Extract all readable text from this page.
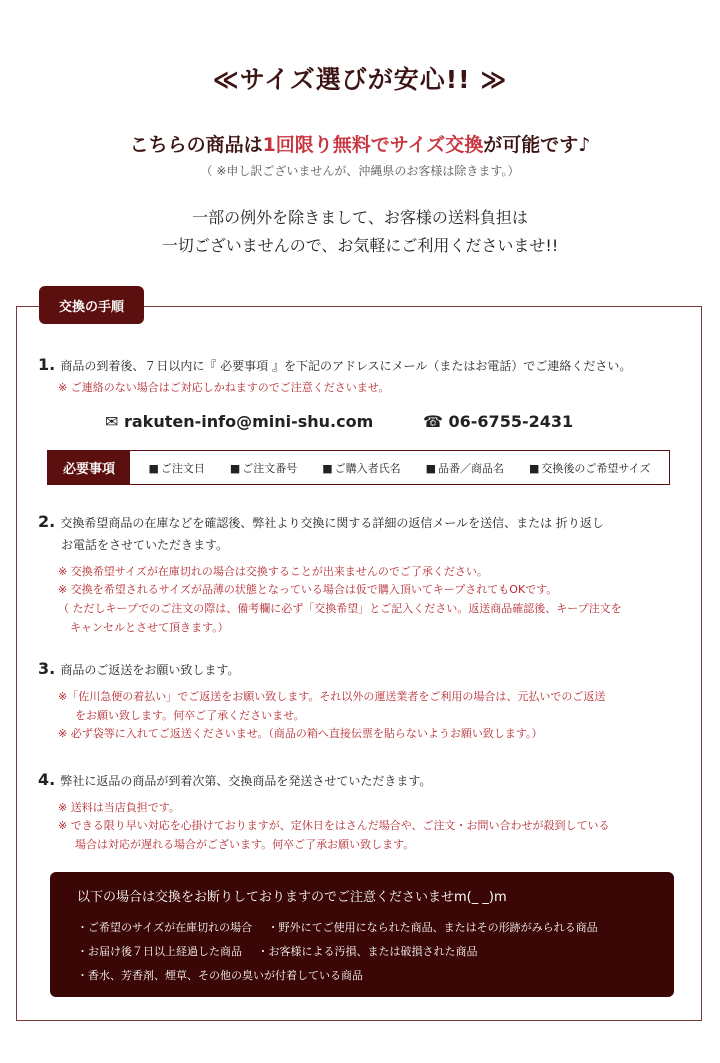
≪サイズ選びが安心!! ≫
こちらの商品は1回限り無料でサイズ交換が可能です♪
（ ※申し訳ございませんが、沖縄県のお客様は除きます。）
一部の例外を除きまして、お客様の送料負担は
一切ございませんので、お気軽にご利用くださいませ!!
交換の手順
1. 商品の到着後、７日以内に『 必要事項 』を下記のアドレスにメール（またはお電話）でご連絡ください。
※ ご連絡のない場合はご対応しかねますのでご注意くださいませ。
✉ rakuten-info@mini-shu.com	☎ 06-6755-2431
必要事項	■ ご注文日	■ ご注文番号	■ ご購入者氏名	■ 品番／商品名	■ 交換後のご希望サイズ
2. 交換希望商品の在庫などを確認後、弊社より交換に関する詳細の返信メールを送信、または 折り返し
お電話をさせていただきます。
※ 交換希望サイズが在庫切れの場合は交換することが出来ませんのでご了承ください。
※ 交換を希望されるサイズが品薄の状態となっている場合は仮で購入頂いてキープされてもOKです。
（ ただしキープでのご注文の際は、備考欄に必ず「交換希望」とご記入ください。返送商品確認後、キープ注文を
キャンセルとさせて頂きます。）
3. 商品のご返送をお願い致します。
※「佐川急便の着払い」でご返送をお願い致します。それ以外の運送業者をご利用の場合は、元払いでのご返送
をお願い致します。何卒ご了承くださいませ。
※ 必ず袋等に入れてご返送くださいませ。（商品の箱へ直接伝票を貼らないようお願い致します。）
4. 弊社に返品の商品が到着次第、交換商品を発送させていただきます。
※ 送料は当店負担です。
※ できる限り早い対応を心掛けておりますが、定休日をはさんだ場合や、ご注文・お問い合わせが殺到している
場合は対応が遅れる場合がございます。何卒ご了承お願い致します。
以下の場合は交換をお断りしておりますのでご注意くださいませm(_ _)m
・ご希望のサイズが在庫切れの場合 ・野外にてご使用になられた商品、またはその形跡がみられる商品
・お届け後７日以上経過した商品 ・お客様による汚損、または破損された商品
・香水、芳香剤、煙草、その他の臭いが付着している商品
